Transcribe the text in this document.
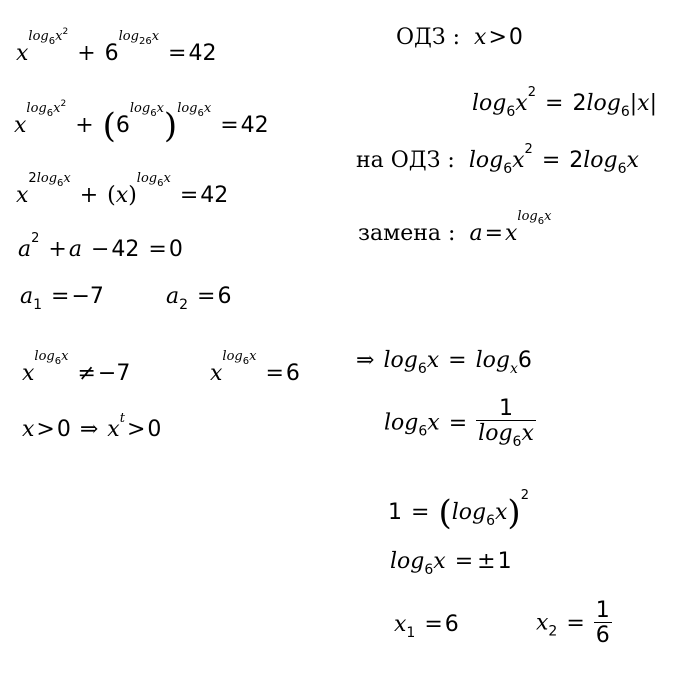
$x^{log_6x^2} + 6^{log_{26}x} =42$
$x^{log_6x^2} + (6^{log_6x})^{log_6x} =42$
$x^{2log_6x} + (x)^{log_6x} =42$
$a^2 +a -42 =0$
$a_1 =-7$	$a_2 =6$
$x^{log_6x} \ne-7$	$x^{log_6x} =6$
x>0 ⇒ $x^t>0$
ОДЗ : x>0
$\log_6x^2 = 2\log_6|x|$
на ОДЗ : $\log_6x^2 = 2\log_6x$
замена : $a=x^{log_6x}$
⇒ $\log_6x = \log_x6$
$\log_6x = \frac{1}{\log_6x}$
$1 = (\log_6x)^2$
$\log_6x = \pm 1$
$x_1 =6$	$x_2 = \frac{1}{6}$
